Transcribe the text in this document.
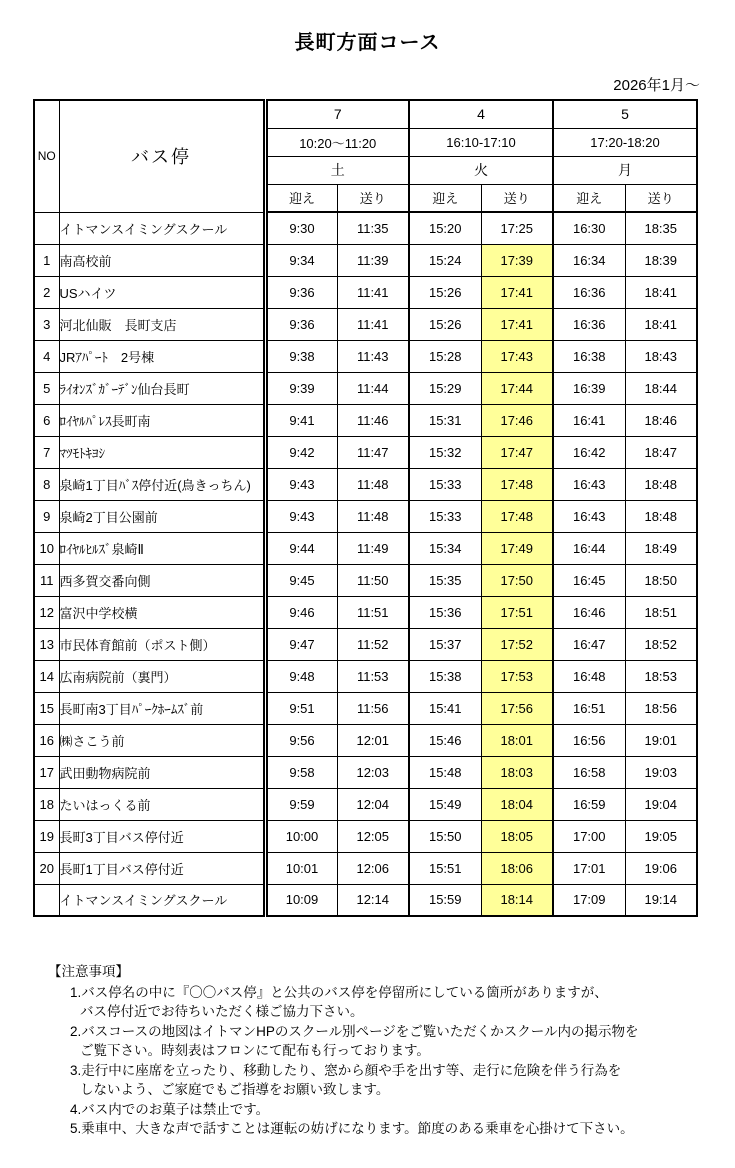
長町方面コース
2026年1月～
NO	バス停	7		4		5	
		10:20～11:20		16:10-17:10		17:20-18:20	
		土		火		月	
		迎え	送り	迎え	送り	迎え	送り
	イトマンスイミングスクール	9:30	11:35	15:20	17:25	16:30	18:35
1	南高校前	9:34	11:39	15:24	17:39	16:34	18:39
2	USハイツ	9:36	11:41	15:26	17:41	16:36	18:41
3	河北仙販　長町支店	9:36	11:41	15:26	17:41	16:36	18:41
4	JRｱﾊﾟｰﾄ　2号棟	9:38	11:43	15:28	17:43	16:38	18:43
5	ﾗｲｵﾝｽﾞｶﾞｰﾃﾞﾝ仙台長町	9:39	11:44	15:29	17:44	16:39	18:44
6	ﾛｲﾔﾙﾊﾟﾚｽ長町南	9:41	11:46	15:31	17:46	16:41	18:46
7	ﾏﾂﾓﾄｷﾖｼ	9:42	11:47	15:32	17:47	16:42	18:47
8	泉崎1丁目ﾊﾞｽ停付近(鳥きっちん)	9:43	11:48	15:33	17:48	16:43	18:48
9	泉崎2丁目公園前	9:43	11:48	15:33	17:48	16:43	18:48
10	ﾛｲﾔﾙﾋﾙｽﾞ泉崎Ⅱ	9:44	11:49	15:34	17:49	16:44	18:49
11	西多賀交番向側	9:45	11:50	15:35	17:50	16:45	18:50
12	富沢中学校横	9:46	11:51	15:36	17:51	16:46	18:51
13	市民体育館前（ポスト側）	9:47	11:52	15:37	17:52	16:47	18:52
14	広南病院前（裏門）	9:48	11:53	15:38	17:53	16:48	18:53
15	長町南3丁目ﾊﾟｰｸﾎｰﾑｽﾞ前	9:51	11:56	15:41	17:56	16:51	18:56
16	㈱さこう前	9:56	12:01	15:46	18:01	16:56	19:01
17	武田動物病院前	9:58	12:03	15:48	18:03	16:58	19:03
18	たいはっくる前	9:59	12:04	15:49	18:04	16:59	19:04
19	長町3丁目バス停付近	10:00	12:05	15:50	18:05	17:00	19:05
20	長町1丁目バス停付近	10:01	12:06	15:51	18:06	17:01	19:06
	イトマンスイミングスクール	10:09	12:14	15:59	18:14	17:09	19:14
【注意事項】
1.バス停名の中に『〇〇バス停』と公共のバス停を停留所にしている箇所がありますが、
バス停付近でお待ちいただく様ご協力下さい。
2.バスコースの地図はイトマンHPのスクール別ページをご覧いただくかスクール内の掲示物を
ご覧下さい。時刻表はフロンにて配布も行っております。
3.走行中に座席を立ったり、移動したり、窓から顔や手を出す等、走行に危険を伴う行為を
しないよう、ご家庭でもご指導をお願い致します。
4.バス内でのお菓子は禁止です。
5.乗車中、大きな声で話すことは運転の妨げになります。節度のある乗車を心掛けて下さい。
